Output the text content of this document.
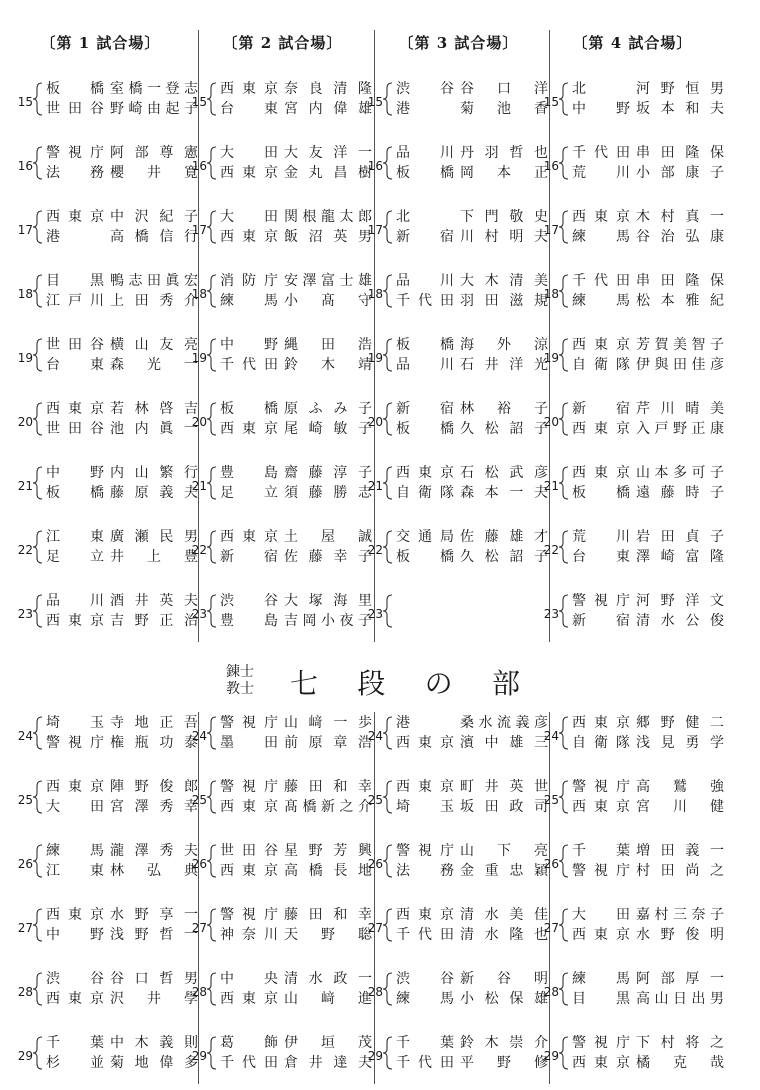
〔第 1 試合場〕	〔第 2 試合場〕	〔第 3 試合場〕	〔第 4 試合場〕
15
板橋 室橋一登志
世田谷 野崎由起子
16
警視庁 阿部尊憲
法務 櫻井寛
17
西東京 中沢紀子
港	高橋信行
18
目黒 鴨志田眞宏
江戸川 上田秀介
19
世田谷 横山友亮
台東 森光一
20
西東京 若林啓吉
世田谷 池内眞一
21
中野 内山繁行
板橋 藤原義夫
22
江東 廣瀬民男
足立 井上豊
23
品川 酒井英夫
西東京 吉野正治
15
西東京 奈良清隆
台東 宮内偉雄
16
大田 大友洋一
西東京 金丸昌樹
17
大田 関根龍太郎
西東京 飯沼英男
18
消防庁 安澤富士雄
練馬 小髙守
19
中野 縄田浩
千代田 鈴木靖
20
板橋 原ふみ子
西東京 尾崎敏子
21
豊島 齋藤淳子
足立 須藤勝志
22
西東京 土屋誠
新宿 佐藤幸子
23
渋谷 大塚海里
豊島 吉岡小夜子
15
渋谷 谷口洋
港	菊池香
16
品川 丹羽哲也
板橋 岡本正
17
北	下門敬史
新宿 川村明夫
18
品川 大木清美
千代田 羽田滋規
19
板橋 海外涼
品川 石井洋光
20
新宿 林裕子
板橋 久松詔子
21
西東京 石松武彦
自衛隊 森本一夫
22
交通局 佐藤雄才
板橋 久松詔子
23
15
北	河野恒男
中野 坂本和夫
16
千代田 串田隆保
荒川 小部康子
17
西東京 木村真一
練馬 谷治弘康
18
千代田 串田隆保
練馬 松本雅紀
19
西東京 芳賀美智子
自衛隊 伊與田佳彦
20
新宿 芹川晴美
西東京 入戸野正康
21
西東京 山本多可子
板橋 遠藤時子
22
荒川 岩田貞子
台東 澤崎富隆
23
警視庁 河野洋文
新宿 清水公俊
錬士
教士 七段の部
24
埼玉 寺地正吾
警視庁 権瓶功泰
25
西東京 陣野俊郎
大田 宮澤秀幸
26
練馬 瀧澤秀夫
江東 林弘典
27
西東京 水野享一
中野 浅野哲一
28
渋谷 谷口哲男
西東京 沢井學
29
千葉 中木義則
杉並 菊地偉多
24
警視庁 山﨑一歩
墨田 前原章浩
25
警視庁 藤田和幸
西東京 髙橋新之介
26
世田谷 星野芳興
西東京 高橋長地
27
警視庁 藤田和幸
神奈川 天野聡
28
中央 清水政一
西東京 山﨑進
29
葛飾 伊垣茂
千代田 倉井達夫
24
港	桑水流義彦
西東京 濱中雄三
25
西東京 町井英世
埼玉 坂田政司
26
警視庁 山下亮
法務 金重忠穎
27
西東京 清水美佳
千代田 清水隆也
28
渋谷 新谷明
練馬 小松保雄
29
千葉 鈴木崇介
千代田 平野修
24
西東京 郷野健二
自衛隊 浅見勇学
25
警視庁 高鷲強
西東京 宮川健
26
千葉 増田義一
警視庁 村田尚之
27
大田 嘉村三奈子
西東京 水野俊明
28
練馬 阿部厚一
目黒 高山日出男
29
警視庁 下村将之
西東京 橘克哉
